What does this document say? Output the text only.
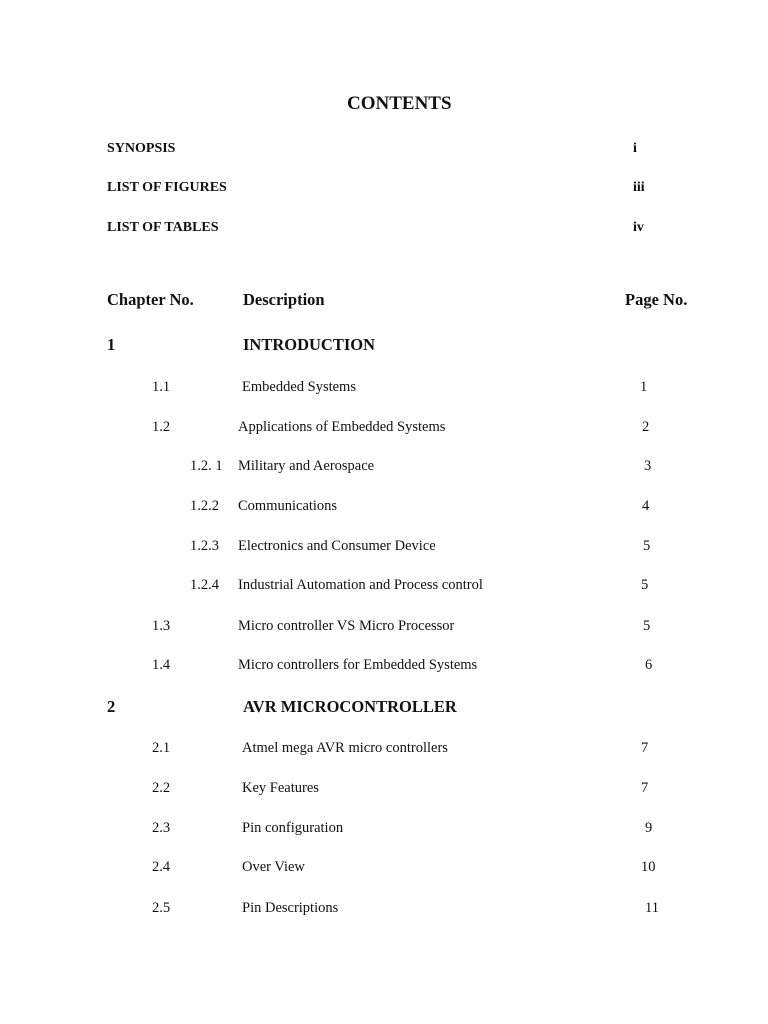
CONTENTS
SYNOPSIS	i
LIST OF FIGURES	iii
LIST OF TABLES	iv
Chapter No.	Description	Page No.
1	INTRODUCTION
1.1	Embedded Systems	1
1.2	Applications of Embedded Systems	2
1.2. 1 Military and Aerospace	3
1.2.2 Communications	4
1.2.3 Electronics and Consumer Device	5
1.2.4 Industrial Automation and Process control	5
1.3	Micro controller VS Micro Processor	5
1.4	Micro controllers for Embedded Systems	6
2	AVR MICROCONTROLLER
2.1	Atmel mega AVR micro controllers	7
2.2	Key Features	7
2.3	Pin configuration	9
2.4	Over View	10
2.5	Pin Descriptions	11
